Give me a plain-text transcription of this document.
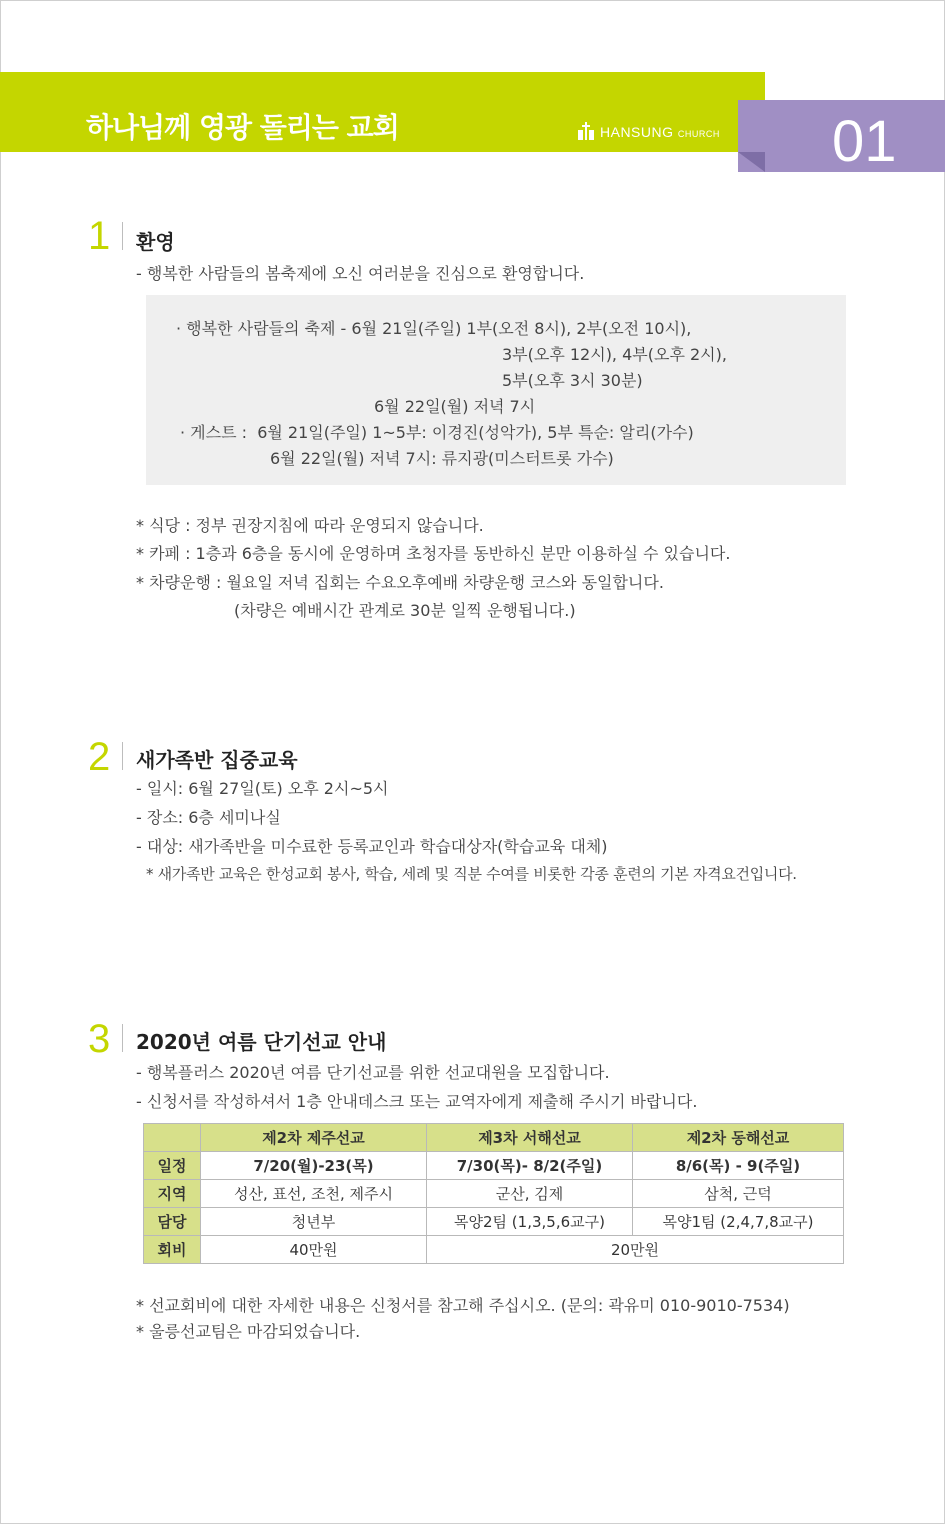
하나님께 영광 돌리는 교회	HANSUNG CHURCH 01
1 환영
- 행복한 사람들의 봄축제에 오신 여러분을 진심으로 환영합니다.
· 행복한 사람들의 축제 - 6월 21일(주일) 1부(오전 8시), 2부(오전 10시),
3부(오후 12시), 4부(오후 2시),
5부(오후 3시 30분)
6월 22일(월) 저녁 7시
· 게스트 :  6월 21일(주일) 1~5부: 이경진(성악가), 5부 특순: 알리(가수)
6월 22일(월) 저녁 7시: 류지광(미스터트롯 가수)
* 식당 : 정부 권장지침에 따라 운영되지 않습니다.
* 카페 : 1층과 6층을 동시에 운영하며 초청자를 동반하신 분만 이용하실 수 있습니다.
* 차량운행 : 월요일 저녁 집회는 수요오후예배 차량운행 코스와 동일합니다.
(차량은 예배시간 관계로 30분 일찍 운행됩니다.)
2 새가족반 집중교육
- 일시: 6월 27일(토) 오후 2시~5시
- 장소: 6층 세미나실
- 대상: 새가족반을 미수료한 등록교인과 학습대상자(학습교육 대체)
* 새가족반 교육은 한성교회 봉사, 학습, 세례 및 직분 수여를 비롯한 각종 훈련의 기본 자격요건입니다.
3 2020년 여름 단기선교 안내
- 행복플러스 2020년 여름 단기선교를 위한 선교대원을 모집합니다.
- 신청서를 작성하셔서 1층 안내데스크 또는 교역자에게 제출해 주시기 바랍니다.
	제2차 제주선교	제3차 서해선교	제2차 동해선교
일정	7/20(월)-23(목)	7/30(목)- 8/2(주일)	8/6(목) - 9(주일)
지역	성산, 표선, 조천, 제주시	군산, 김제	삼척, 근덕
담당	청년부	목양2팀 (1,3,5,6교구)	목양1팀 (2,4,7,8교구)
회비	40만원	20만원	
* 선교회비에 대한 자세한 내용은 신청서를 참고해 주십시오. (문의: 곽유미 010-9010-7534)
* 울릉선교팀은 마감되었습니다.
